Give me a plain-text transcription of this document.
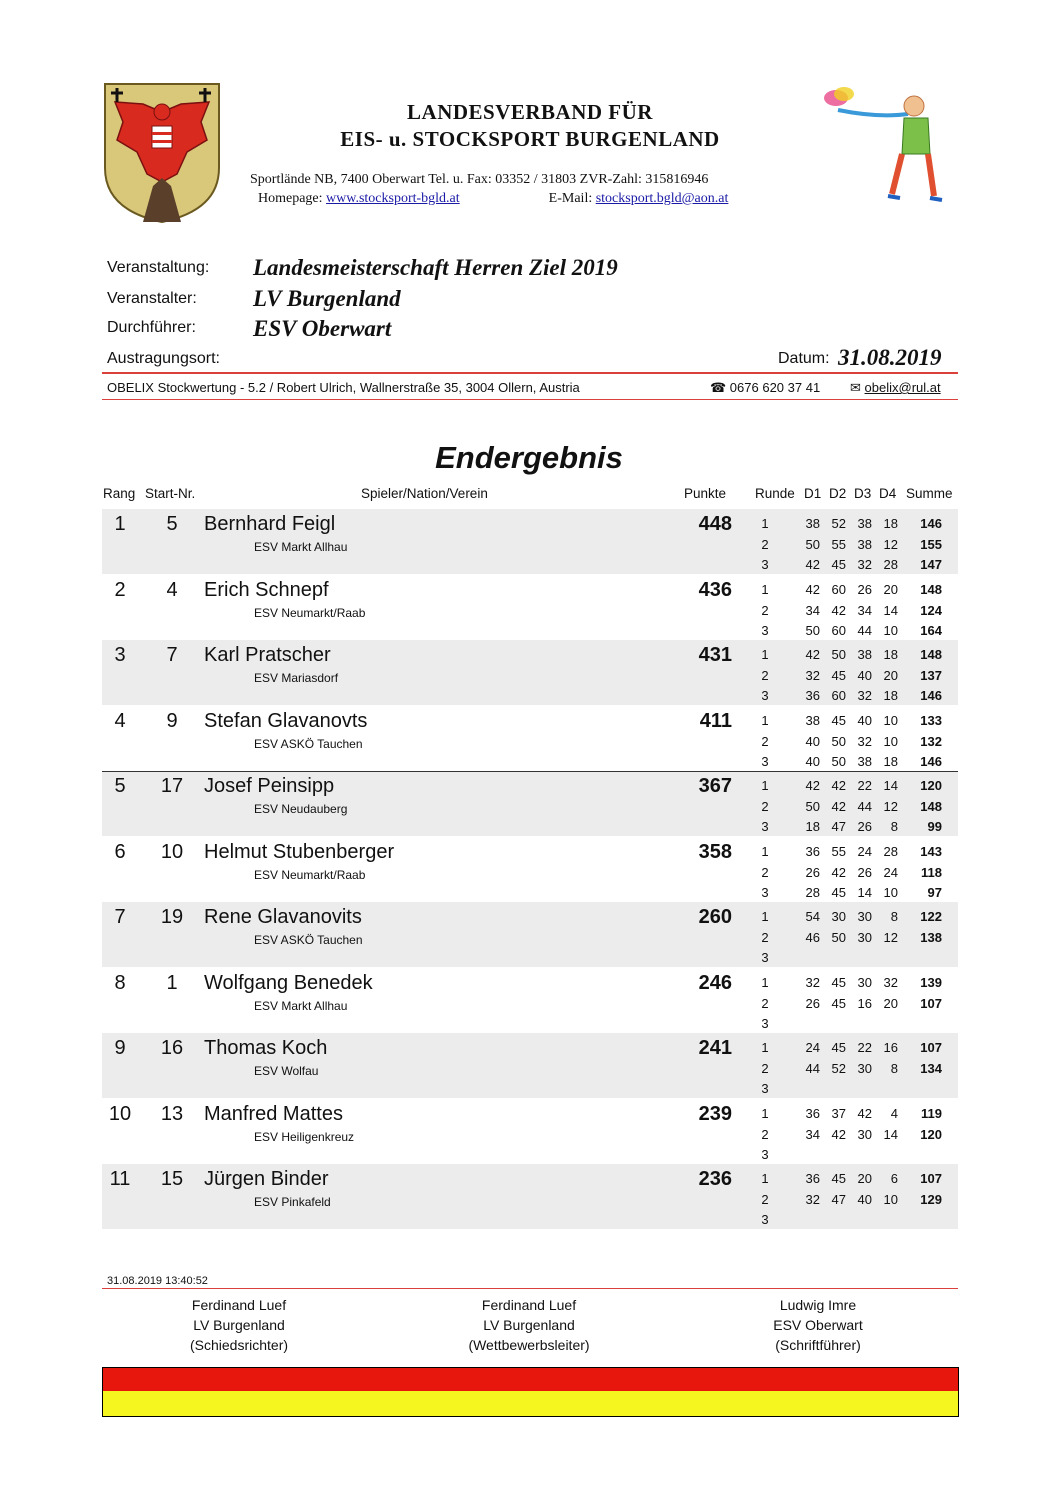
LANDESVERBAND FÜR
EIS- u. STOCKSPORT BURGENLAND
Sportlände NB, 7400 Oberwart Tel. u. Fax: 03352 / 31803 ZVR-Zahl: 315816946
Homepage: www.stocksport-bgld.at	E-Mail: stocksport.bgld@aon.at
Veranstaltung: Landesmeisterschaft Herren Ziel 2019
Veranstalter: LV Burgenland
Durchführer: ESV Oberwart
Austragungsort:	Datum: 31.08.2019
OBELIX Stockwertung - 5.2 / Robert Ulrich, Wallnerstraße 35, 3004 Ollern, Austria	☎ 0676 620 37 41 ✉ obelix@rul.at
Endergebnis
Rang Start-Nr.	Spieler/Nation/Verein	Punkte Runde D1 D2 D3 D4 Summe
1	5	Bernhard Feigl
ESV Markt Allhau
448	1	38 52 38 18	146
2	50 55 38 12	155
3	42 45 32 28	147
2	4	Erich Schnepf
ESV Neumarkt/Raab
436	1	42 60 26 20	148
2	34 42 34 14	124
3	50 60 44 10	164
3	7	Karl Pratscher
ESV Mariasdorf
431	1	42 50 38 18	148
2	32 45 40 20	137
3	36 60 32 18	146
4	9	Stefan Glavanovts
ESV ASKÖ Tauchen
411	1	38 45 40 10	133
2	40 50 32 10	132
3	40 50 38 18	146
5	17	Josef Peinsipp
ESV Neudauberg
367	1	42 42 22 14	120
2	50 42 44 12	148
3	18 47 26	8	99
6	10	Helmut Stubenberger
ESV Neumarkt/Raab
358	1	36 55 24 28	143
2	26 42 26 24	118
3	28 45 14 10	97
7	19	Rene Glavanovits
ESV ASKÖ Tauchen
260	1	54 30 30	8	122
2	46 50 30 12	138
3
8	1	Wolfgang Benedek
ESV Markt Allhau
246	1	32 45 30 32	139
2	26 45 16 20	107
3
9	16	Thomas Koch
ESV Wolfau
241	1	24 45 22 16	107
2	44 52 30	8	134
3
10	13	Manfred Mattes
ESV Heiligenkreuz
239	1	36 37 42	4	119
2	34 42 30 14	120
3
11	15	Jürgen Binder
ESV Pinkafeld
236	1	36 45 20	6	107
2	32 47 40 10	129
3
31.08.2019 13:40:52
Ferdinand Luef
LV Burgenland
(Schiedsrichter)
Ferdinand Luef
LV Burgenland
(Wettbewerbsleiter)
Ludwig Imre
ESV Oberwart
(Schriftführer)
